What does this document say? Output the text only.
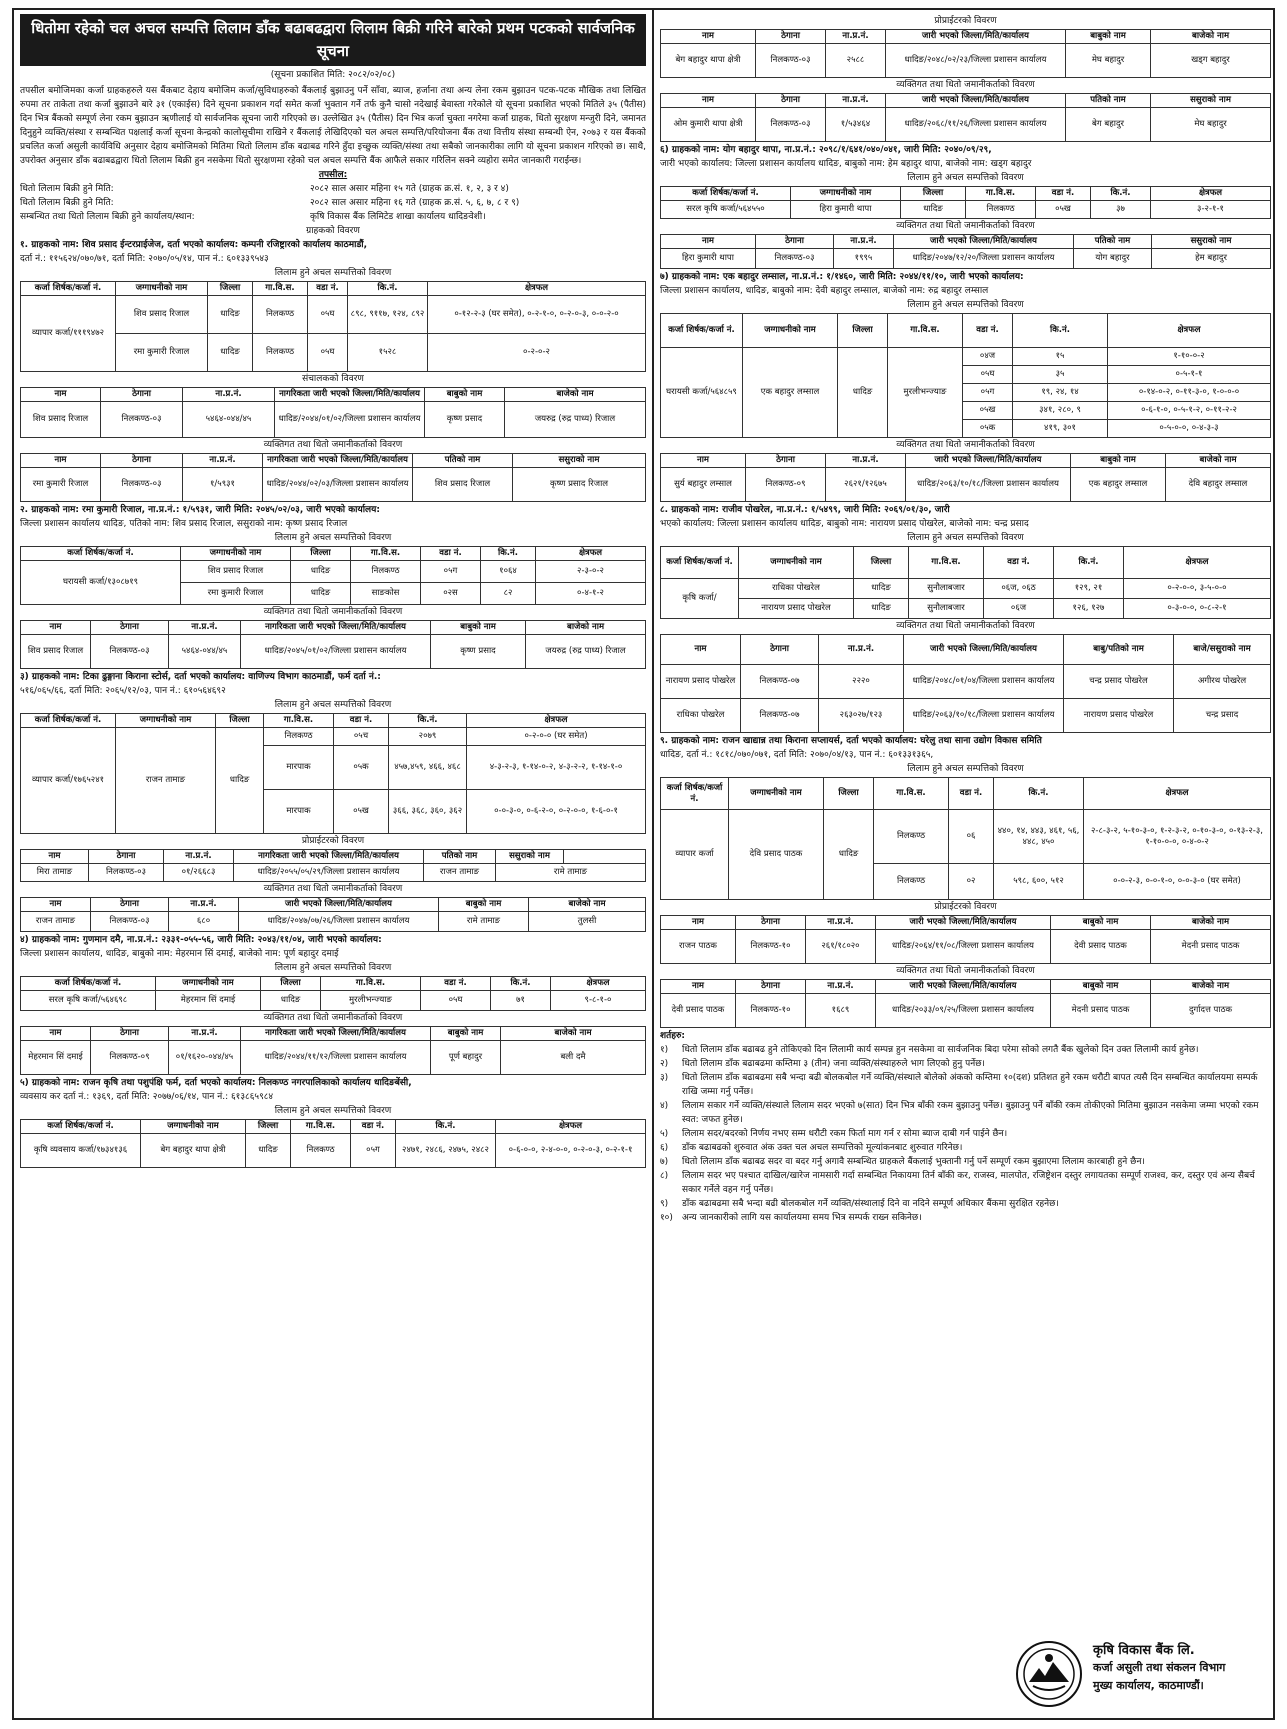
धितोमा रहेको चल अचल सम्पत्ति लिलाम डाँक बढाबढद्वारा लिलाम बिक्री गरिने बारेको प्रथम पटकको सार्वजनिक सूचना
(सूचना प्रकाशित मिति: २०८२/०२/०८)
तपसील बमोजिमका कर्जा ग्राहकहरुले यस बैंकबाट देहाय बमोजिम कर्जा/सुविधाहरुको बैंकलाई बुझाउनु पर्ने साँवा, ब्याज, हर्जाना तथा अन्य लेना रकम बुझाउन पटक-पटक मौखिक तथा लिखित रुपमा तर ताकेता तथा कर्जा बुझाउने बारे ३१ (एकाईस) दिने सूचना प्रकाशन गर्दा समेत कर्जा भुक्तान गर्ने तर्फ कुनै चासो नदेखाई बेवास्ता गरेकोले यो सूचना प्रकाशित भएको मितिले ३५ (पैतीस) दिन भित्र बैंकको सम्पूर्ण लेना रकम बुझाउन ऋणीलाई यो सार्वजनिक सूचना जारी गरिएको छ। उल्लेखित ३५ (पैतीस) दिन भित्र कर्जा चुक्ता नगरेमा कर्जा ग्राहक, धितो सुरक्षण मन्जुरी दिने, जमानत दिनुहुने व्यक्ति/संस्था र सम्बन्धित पक्षलाई कर्जा सूचना केन्द्रको कालोसूचीमा राखिने र बैंकलाई लेखिदिएको चल अचल सम्पत्ति/परियोजना बैंक तथा वित्तीय संस्था सम्बन्धी ऐन, २०७३ र यस बैंकको प्रचलित कर्जा असुली कार्यविधि अनुसार देहाय बमोजिमको मितिमा धितो लिलाम डाँक बढाबढ गरिने हुँदा इच्छुक व्यक्ति/संस्था तथा सबैको जानकारीका लागि यो सूचना प्रकाशन गरिएको छ। साथै, उपरोक्त अनुसार डाँक बढाबढद्वारा धितो लिलाम बिक्री हुन नसकेमा धितो सुरक्षणमा रहेको चल अचल सम्पत्ति बैंक आफैले सकार गरिलिन सक्ने व्यहोरा समेत जानकारी गराईन्छ।
तपसील:
धितो लिलाम बिक्री हुने मिति:	२०८२ साल असार महिना १५ गते (ग्राहक क्र.सं. १, २, ३ र ४)
धितो लिलाम बिक्री हुने मिति:	२०८२ साल असार महिना १६ गते (ग्राहक क्र.सं. ५, ६, ७, ८ र ९)
सम्बन्धित तथा धितो लिलाम बिक्री हुने कार्यालय/स्थान:	कृषि विकास बैंक लिमिटेड शाखा कार्यालय धादिङवेशी।
ग्राहकको विवरण
१. ग्राहकको नाम: शिव प्रसाद ईन्टरप्राईजेज, दर्ता भएको कार्यालय: कम्पनी रजिष्ट्रारको कार्यालय काठमाडौं,
दर्ता नं.: ११५६२४/०७०/७१, दर्ता मिति: २०७०/०५/१४, पान नं.: ६०१३३९५४३
लिलाम हुने अचल सम्पत्तिको विवरण
कर्जा शिर्षक/कर्जा नं.	जग्गाधनीको नाम	जिल्ला	गा.वि.स.	वडा नं.	कि.नं.	क्षेत्रफल
व्यापार कर्जा/१११९४७२	शिव प्रसाद रिजाल	धादिङ	निलकण्ठ	०५घ	८९८, ९११७, १२४, ८९२	०-१२-२-३ (घर समेत), ०-२-१-०, ०-२-०-३, ०-०-२-०
	रमा कुमारी रिजाल	धादिङ	निलकण्ठ	०५घ	१५२८	०-२-०-२
संचालकको विवरण
नाम	ठेगाना	ना.प्र.नं.	नागरिकता जारी भएको जिल्ला/मिति/कार्यालय	बाबुको नाम	बाजेको नाम
शिव प्रसाद रिजाल	निलकण्ठ-०३	५४६४-०४४/४५	धादिङ/२०४४/०१/०२/जिल्ला प्रशासन कार्यालय	कृष्ण प्रसाद	जयरुद्र (रुद्र पाध्य) रिजाल
व्यक्तिगत तथा धितो जमानीकर्ताको विवरण
नाम	ठेगाना	ना.प्र.नं.	नागरिकता जारी भएको जिल्ला/मिति/कार्यालय	पतिको नाम	ससुराको नाम
रमा कुमारी रिजाल	निलकण्ठ-०३	१/५९३१	धादिङ/२०४४/०२/०३/जिल्ला प्रशासन कार्यालय	शिव प्रसाद रिजाल	कृष्ण प्रसाद रिजाल
२. ग्राहकको नाम: रमा कुमारी रिजाल, ना.प्र.नं.: १/५९३१, जारी मिति: २०४५/०२/०३, जारी भएको कार्यालय:
जिल्ला प्रशासन कार्यालय धादिङ, पतिको नाम: शिव प्रसाद रिजाल, ससुराको नाम: कृष्ण प्रसाद रिजाल
लिलाम हुने अचल सम्पत्तिको विवरण
कर्जा शिर्षक/कर्जा नं.	जग्गाधनीको नाम	जिल्ला	गा.वि.स.	वडा नं.	कि.नं.	क्षेत्रफल
घरायसी कर्जा/१३०८७१९	शिव प्रसाद रिजाल	धादिङ	निलकण्ठ	०५ग	१०६४	२-३-०-२
	रमा कुमारी रिजाल	धादिङ	साङकोस	०२स	८२	०-४-१-२
व्यक्तिगत तथा धितो जमानीकर्ताको विवरण
नाम	ठेगाना	ना.प्र.नं.	नागरिकता जारी भएको जिल्ला/मिति/कार्यालय	बाबुको नाम	बाजेको नाम
शिव प्रसाद रिजाल	निलकण्ठ-०३	५४६४-०४४/४५	धादिङ/२०४५/०१/०२/जिल्ला प्रशासन कार्यालय	कृष्ण प्रसाद	जयरुद्र (रुद्र पाध्य) रिजाल
३) ग्राहकको नाम: टिका ढुङ्गाना किराना स्टोर्स, दर्ता भएको कार्यालय: वाणिज्य विभाग काठमाडौं, फर्म दर्ता नं.:
५१६/०६५/६६, दर्ता मिति: २०६५/१२/०३, पान नं.: ६१०५६४६९२
लिलाम हुने अचल सम्पत्तिको विवरण
कर्जा शिर्षक/कर्जा नं.	जग्गाधनीको नाम	जिल्ला	गा.वि.स.	वडा नं.	कि.नं.	क्षेत्रफल
व्यापार कर्जा/१७६५२४१	राजन तामाङ	धादिङ	निलकण्ठ	०५च	२०७९	०-२-०-० (घर समेत)
			मारपाक	०५क	४५७,४५९, ४६६, ४६८	४-३-२-३, १-१४-०-२, ४-३-२-२, १-१४-१-०
			मारपाक	०५ख	३६६, ३६८, ३६०, ३६२	०-०-३-०, ०-६-२-०, ०-२-०-०, १-६-०-१
प्रोप्राईटरको विवरण
नाम	ठेगाना	ना.प्र.नं.	नागरिकता जारी भएको जिल्ला/मिति/कार्यालय	पतिको नाम	ससुराको नाम	
मिरा तामाङ	निलकण्ठ-०३	०१/२६६८३	धादिङ/२०५५/०५/२९/जिल्ला प्रशासन कार्यालय	राजन तामाङ	रामे तामाङ	
व्यक्तिगत तथा धितो जमानीकर्ताको विवरण
नाम	ठेगाना	ना.प्र.नं.	जारी भएको जिल्ला/मिति/कार्यालय	बाबुको नाम	बाजेको नाम
राजन तामाङ	निलकण्ठ-०३	६८०	धादिङ/२०४७/०७/२६/जिल्ला प्रशासन कार्यालय	रामे तामाङ	तुलसी
४) ग्राहकको नाम: गुणमान दमै, ना.प्र.नं.: २३३१-०५५-५६, जारी मिति: २०४३/११/०४, जारी भएको कार्यालय:
जिल्ला प्रशासन कार्यालय, धादिङ, बाबुको नाम: मेहरमान सिं दमाई, बाजेको नाम: पूर्ण बहादुर दमाई
लिलाम हुने अचल सम्पत्तिको विवरण
कर्जा शिर्षक/कर्जा नं.	जग्गाधनीको नाम	जिल्ला	गा.वि.स.	वडा नं.	कि.नं.	क्षेत्रफल
सरल कृषि कर्जा/५६४६९८	मेहरमान सिं दमाई	धादिङ	मुरलीभन्ज्याङ	०५घ	७१	९-८-१-०
व्यक्तिगत तथा धितो जमानीकर्ताको विवरण
नाम	ठेगाना	ना.प्र.नं.	नागरिकता जारी भएको जिल्ला/मिति/कार्यालय	बाबुको नाम	बाजेको नाम
मेहरमान सिं दमाई	निलकण्ठ-०९	०१/१६२०-०४४/४५	धादिङ/२०४४/११/१२/जिल्ला प्रशासन कार्यालय	पूर्ण बहादुर	बली दमै
५) ग्राहकको नाम: राजन कृषि तथा पशुपंक्षि फर्म, दर्ता भएको कार्यालय: निलकण्ठ नगरपालिकाको कार्यालय धादिङबेंसी,
व्यवसाय कर दर्ता नं.: १३६९, दर्ता मिति: २०७७/०६/१४, पान नं.: ६१३८६५९८४
लिलाम हुने अचल सम्पत्तिको विवरण
कर्जा शिर्षक/कर्जा नं.	जग्गाधनीको नाम	जिल्ला	गा.वि.स.	वडा नं.	कि.नं.	क्षेत्रफल
कृषि व्यवसाय कर्जा/१७३४१३६	बेग बहादुर थापा क्षेत्री	धादिङ	निलकण्ठ	०५ग	२४७१, २४८६, २४७५, २४८२	०-६-०-०, २-४-०-०, ०-२-०-३, ०-२-१-१
प्रोप्राईटरको विवरण
नाम	ठेगाना	ना.प्र.नं.	जारी भएको जिल्ला/मिति/कार्यालय	बाबुको नाम	बाजेको नाम
बेग बहादुर थापा क्षेत्री	निलकण्ठ-०३	२५८८	धादिङ/२०४८/०२/२३/जिल्ला प्रशासन कार्यालय	मेघ बहादुर	खड्ग बहादुर
व्यक्तिगत तथा धितो जमानीकर्ताको विवरण
नाम	ठेगाना	ना.प्र.नं.	जारी भएको जिल्ला/मिति/कार्यालय	पतिको नाम	ससुराको नाम
ओम कुमारी थापा क्षेत्री	निलकण्ठ-०३	१/५३४६४	धादिङ/२०६८/११/२६/जिल्ला प्रशासन कार्यालय	बेग बहादुर	मेघ बहादुर
६) ग्राहकको नाम: योग बहादुर थापा, ना.प्र.नं.: २०९८/१/६४१/०४०/०४१, जारी मिति: २०४०/०९/२९,
जारी भएको कार्यालय: जिल्ला प्रशासन कार्यालय धादिङ, बाबुको नाम: हेम बहादुर थापा, बाजेको नाम: खड्ग बहादुर
लिलाम हुने अचल सम्पत्तिको विवरण
कर्जा शिर्षक/कर्जा नं.	जग्गाधनीको नाम	जिल्ला	गा.वि.स.	वडा नं.	कि.नं.	क्षेत्रफल
सरल कृषि कर्जा/५६४५५०	हिरा कुमारी थापा	धादिङ	निलकण्ठ	०५ख	३७	३-२-१-१
व्यक्तिगत तथा धितो जमानीकर्ताको विवरण
नाम	ठेगाना	ना.प्र.नं.	जारी भएको जिल्ला/मिति/कार्यालय	पतिको नाम	ससुराको नाम
हिरा कुमारी थापा	निलकण्ठ-०३	१९९५	धादिङ/२०४७/१२/२०/जिल्ला प्रशासन कार्यालय	योग बहादुर	हेम बहादुर
७) ग्राहकको नाम: एक बहादुर लम्साल, ना.प्र.नं.: १/१४६०, जारी मिति: २०४४/११/१०, जारी भएको कार्यालय:
जिल्ला प्रशासन कार्यालय, धादिङ, बाबुको नाम: देवी बहादुर लम्साल, बाजेको नाम: रुद्र बहादुर लम्साल
लिलाम हुने अचल सम्पत्तिको विवरण
कर्जा शिर्षक/कर्जा नं.	जग्गाधनीको नाम	जिल्ला	गा.वि.स.	वडा नं.	कि.नं.	क्षेत्रफल
घरायसी कर्जा/५६४८५९	एक बहादुर लम्साल	धादिङ	मुरलीभन्ज्याङ	०४ज	१५	१-१०-०-२
				०५घ	३५	०-५-१-१
				०५ग	१९, २४, १४	०-१४-०-२, ०-११-३-०, १-०-०-०
				०५ख	३४१, २८०, ९	०-६-१-०, ०-५-१-२, ०-११-२-२
				०५क	४१९, ३०१	०-५-०-०, ०-४-३-३
व्यक्तिगत तथा धितो जमानीकर्ताको विवरण
नाम	ठेगाना	ना.प्र.नं.	जारी भएको जिल्ला/मिति/कार्यालय	बाबुको नाम	बाजेको नाम
सुर्य बहादुर लम्साल	निलकण्ठ-०९	२६२१/१२६७५	धादिङ/२०६३/१०/१८/जिल्ला प्रशासन कार्यालय	एक बहादुर लम्साल	देवि बहादुर लम्साल
८. ग्राहकको नाम: राजीव पोखरेल, ना.प्र.नं.: १/५४९९, जारी मिति: २०६९/०१/३०, जारी
भएको कार्यालय: जिल्ला प्रशासन कार्यालय धादिङ, बाबुको नाम: नारायण प्रसाद पोखरेल, बाजेको नाम: चन्द्र प्रसाद
लिलाम हुने अचल सम्पत्तिको विवरण
कर्जा शिर्षक/कर्जा नं.	जग्गाधनीको नाम	जिल्ला	गा.वि.स.	वडा नं.	कि.नं.	क्षेत्रफल
कृषि कर्जा/	राधिका पोखरेल	धादिङ	सुनौलाबजार	०६ज, ०६ठ	१२९, २१	०-२-०-०, ३-५-०-०
	नारायण प्रसाद पोखरेल	धादिङ	सुनौलाबजार	०६ज	१२६, १२७	०-३-०-०, ०-८-२-१
व्यक्तिगत तथा धितो जमानीकर्ताको विवरण
नाम	ठेगाना	ना.प्र.नं.	जारी भएको जिल्ला/मिति/कार्यालय	बाबु/पतिको नाम	बाजे/ससुराको नाम
नारायण प्रसाद पोखरेल	निलकण्ठ-०७	२२२०	धादिङ/२०४८/०१/०४/जिल्ला प्रशासन कार्यालय	चन्द्र प्रसाद पोखरेल	अगीरथ पोखरेल
राधिका पोखरेल	निलकण्ठ-०७	२६३०२७/१२३	धादिङ/२०६३/१०/१८/जिल्ला प्रशासन कार्यालय	नारायण प्रसाद पोखरेल	चन्द्र प्रसाद
९. ग्राहकको नाम: राजन खाद्यान्न तथा किराना सप्लायर्स, दर्ता भएको कार्यालय: घरेलु तथा साना उद्योग विकास समिति
धादिङ, दर्ता नं.: १८१८/०७०/०७१, दर्ता मिति: २०७०/०४/१३, पान नं.: ६०१३३१३६५,
लिलाम हुने अचल सम्पत्तिको विवरण
कर्जा शिर्षक/कर्जा नं.	जग्गाधनीको नाम	जिल्ला	गा.वि.स.	वडा नं.	कि.नं.	क्षेत्रफल
व्यापार कर्जा	देवि प्रसाद पाठक	धादिङ	निलकण्ठ	०६	४४०, १४, ४४३, ४६१, ५६, ४४८, ४५०	२-८-३-२, ५-१०-३-०, १-२-३-२, ०-१०-३-०, ०-१३-२-३, १-१०-०-०, ०-४-०-२
			निलकण्ठ	०२	५९८, ६००, ५१२	०-०-२-३, ०-०-१-०, ०-०-३-० (घर समेत)
प्रोप्राईटरको विवरण
नाम	ठेगाना	ना.प्र.नं.	जारी भएको जिल्ला/मिति/कार्यालय	बाबुको नाम	बाजेको नाम
राजन पाठक	निलकण्ठ-१०	२६१/१८०२०	धादिङ/२०६४/११/०८/जिल्ला प्रशासन कार्यालय	देवी प्रसाद पाठक	मेदनी प्रसाद पाठक
व्यक्तिगत तथा धितो जमानीकर्ताको विवरण
नाम	ठेगाना	ना.प्र.नं.	जारी भएको जिल्ला/मिति/कार्यालय	बाबुको नाम	बाजेको नाम
देवी प्रसाद पाठक	निलकण्ठ-१०	१६८९	धादिङ/२०३३/०९/२५/जिल्ला प्रशासन कार्यालय	मेदनी प्रसाद पाठक	दुर्गादत्त पाठक
शर्तहरु:
१)	धितो लिलाम डाँक बढाबढ हुने तोकिएको दिन लिलामी कार्य सम्पन्न हुन नसकेमा वा सार्वजनिक बिदा परेमा सोको लगतै बैंक खुलेको दिन उक्त लिलामी कार्य हुनेछ।
२)	धितो लिलाम डाँक बढाबढमा कम्तिमा ३ (तीन) जना व्यक्ति/संस्थाहरुले भाग लिएको हुनु पर्नेछ।
३)	धितो लिलाम डाँक बढाबढमा सबै भन्दा बढी बोलकबोल गर्ने व्यक्ति/संस्थाले बोलेको अंकको कम्तिमा १०(दश) प्रतिशत हुने रकम धरौटी बापत त्यसै दिन सम्बन्धित कार्यालयमा सम्पर्क राखि जम्मा गर्नु पर्नेछ।
४)	लिलाम सकार गर्ने व्यक्ति/संस्थाले लिलाम सदर भएको ७(सात) दिन भित्र बाँकी रकम बुझाउनु पर्नेछ। बुझाउनु पर्ने बाँकी रकम तोकीएको मितिमा बुझाउन नसकेमा जम्मा भएको रकम स्वत: जफत हुनेछ।
५)	लिलाम सदर/बदरको निर्णय नभए सम्म धरौटी रकम फिर्ता माग गर्न र सोमा ब्याज दाबी गर्न पाईने छैन।
६)	डाँक बढाबढको शुरुवात अंक उक्त चल अचल सम्पत्तिको मूल्यांकनबाट शुरुवात गरिनेछ।
७)	धितो लिलाम डाँक बढाबढ सदर वा बदर गर्नु अगावै सम्बन्धित ग्राहकले बैंकलाई भुक्तानी गर्नु पर्ने सम्पूर्ण रकम बुझाएमा लिलाम कारबाही हुने छैन।
८)	लिलाम सदर भए पश्चात दाखिल/खारेज नामसारी गर्दा सम्बन्धित निकायमा तिर्न बाँकी कर, राजस्व, मालपोत, रजिष्ट्रेशन दस्तुर लगायतका सम्पूर्ण राजश्व, कर, दस्तुर एवं अन्य सैबर्च सकार गर्नेले वहन गर्नु पर्नेछ।
९)	डाँक बढाबढमा सबै भन्दा बढी बोलकबोल गर्ने व्यक्ति/संस्थालाई दिने वा नदिने सम्पूर्ण अधिकार बैंकमा सुरक्षित रहनेछ।
१०)	अन्य जानकारीको लागि यस कार्यालयमा समय भित्र सम्पर्क राख्न सकिनेछ।
कृषि विकास बैंक लि.
कर्जा असुली तथा संकलन विभाग
मुख्य कार्यालय, काठमाण्डौं।
